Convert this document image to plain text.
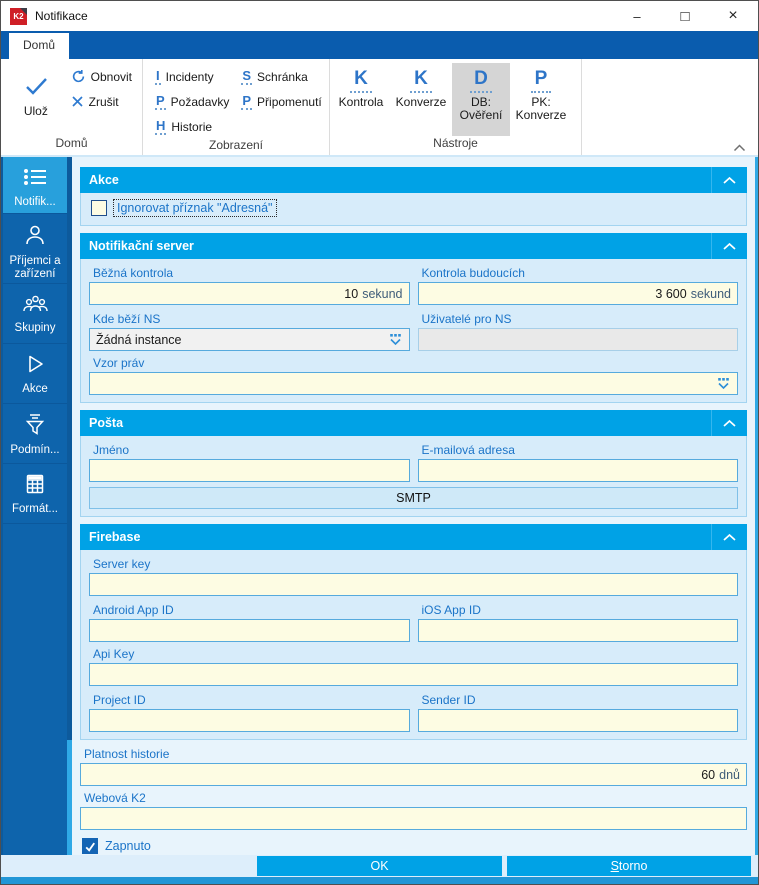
K2 Notifikace	–	□ ×
Domů
Ulož
Obnovit
Zrušit
Domů
I Incidenty
P Požadavky
H Historie
S Schránka
P Připomenutí
Zobrazení
K
Kontrola
K
Konverze
D
DB:
Ověření
P
PK:
Konverze
Nástroje
Notifik...
Příjemci a zařízení
Skupiny
Akce
Podmín...
Formát...
Akce
Ignorovat příznak "Adresná"
Notifikační server
Běžná kontrola
10 sekund
Kontrola budoucích
3 600 sekund
Kde běží NS
Žádná instance
Uživatelé pro NS
Vzor práv
Pošta
Jméno	E-mailová adresa
SMTP
Firebase
Server key
Android App ID	iOS App ID
Api Key
Project ID	Sender ID
Platnost historie
60 dnů
Webová K2
Zapnuto
OK	S torno
